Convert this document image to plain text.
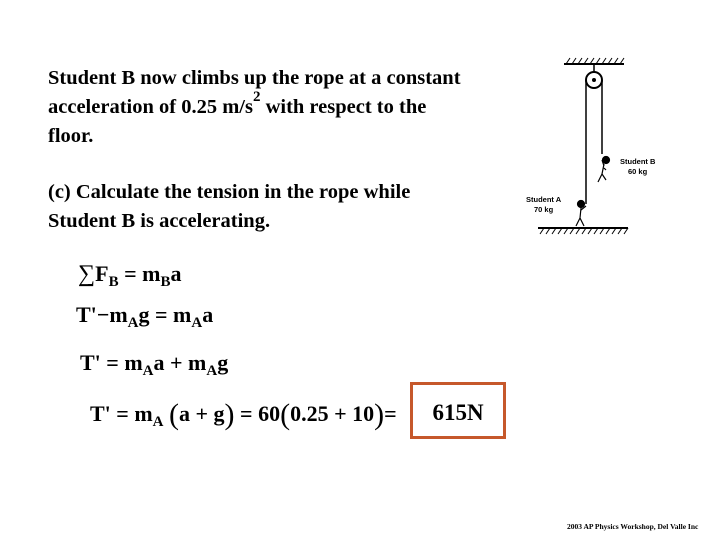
Student B now climbs up the rope at a constant acceleration of 0.25 $m/s^2$ with respect to the floor.

(c) Calculate the tension in the rope while Student B is accelerating.

$\sum F_B = m_Ba$
$T'-m_Ag = m_Aa$
$T' = m_Aa + m_Ag$
$T' = m_A$ (a + g) = 60(0.25 + 10)=	615N
Student B
60 kg
Student A
70 kg
2003 AP Physics Workshop, Del Valle Inc
